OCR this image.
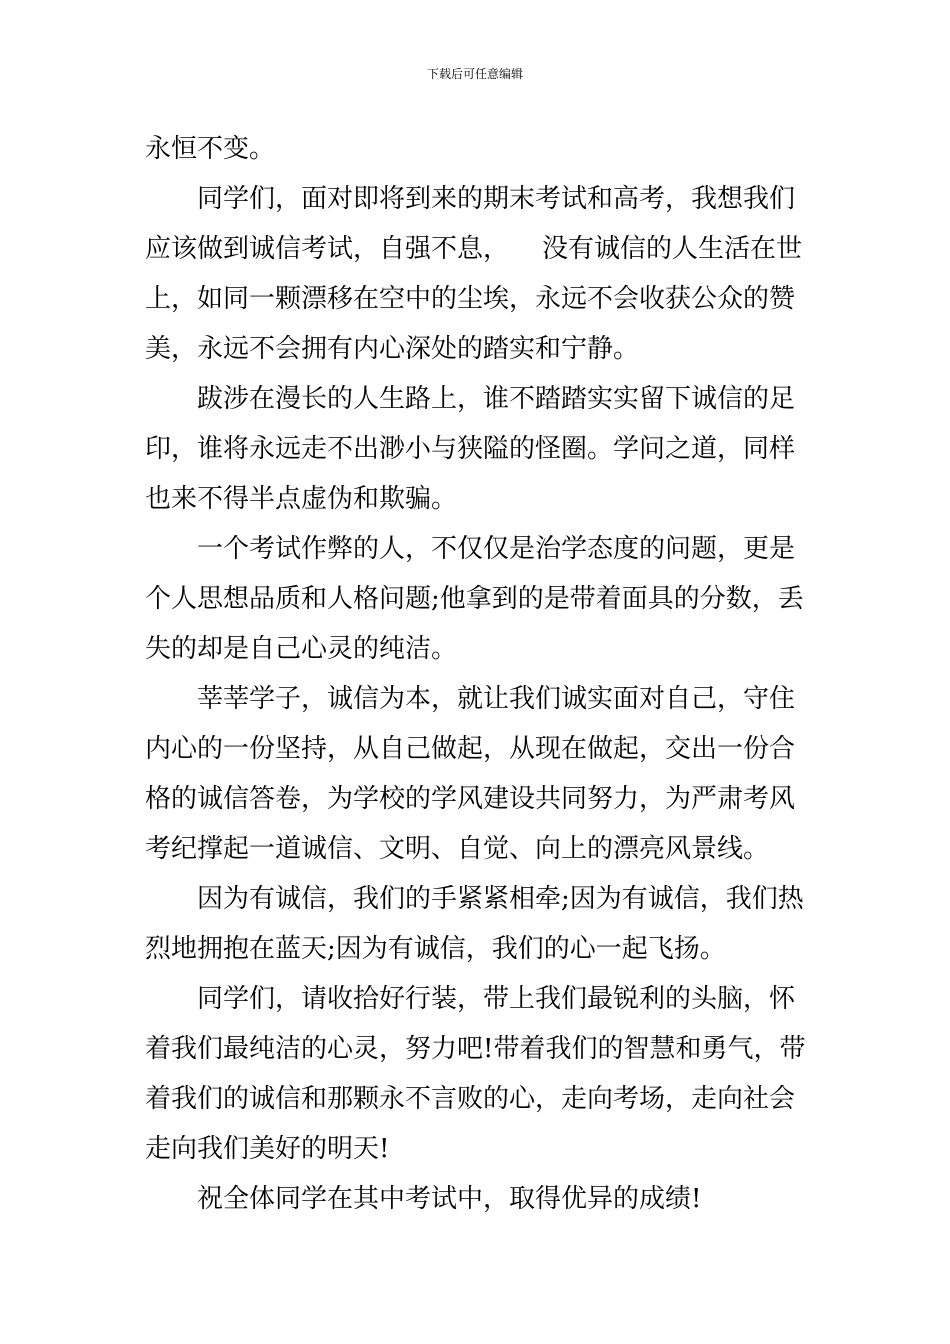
下载后可任意编辑
永恒不变。
同学们，面对即将到来的期末考试和高考，我想我们
应该做到诚信考试，自强不息，    没有诚信的人生活在世
上，如同一颗漂移在空中的尘埃，永远不会收获公众的赞
美，永远不会拥有内心深处的踏实和宁静。
跋涉在漫长的人生路上，谁不踏踏实实留下诚信的足
印，谁将永远走不出渺小与狭隘的怪圈。学问之道，同样
也来不得半点虚伪和欺骗。
一个考试作弊的人，不仅仅是治学态度的问题，更是
个人思想品质和人格问题;他拿到的是带着面具的分数，丢
失的却是自己心灵的纯洁。
莘莘学子，诚信为本，就让我们诚实面对自己，守住
内心的一份坚持，从自己做起，从现在做起，交出一份合
格的诚信答卷，为学校的学风建设共同努力，为严肃考风
考纪撑起一道诚信、文明、自觉、向上的漂亮风景线。
因为有诚信，我们的手紧紧相牵;因为有诚信，我们热
烈地拥抱在蓝天;因为有诚信，我们的心一起飞扬。
同学们，请收拾好行装，带上我们最锐利的头脑，怀
着我们最纯洁的心灵，努力吧!带着我们的智慧和勇气，带
着我们的诚信和那颗永不言败的心，走向考场，走向社会
走向我们美好的明天!
祝全体同学在其中考试中，取得优异的成绩!
